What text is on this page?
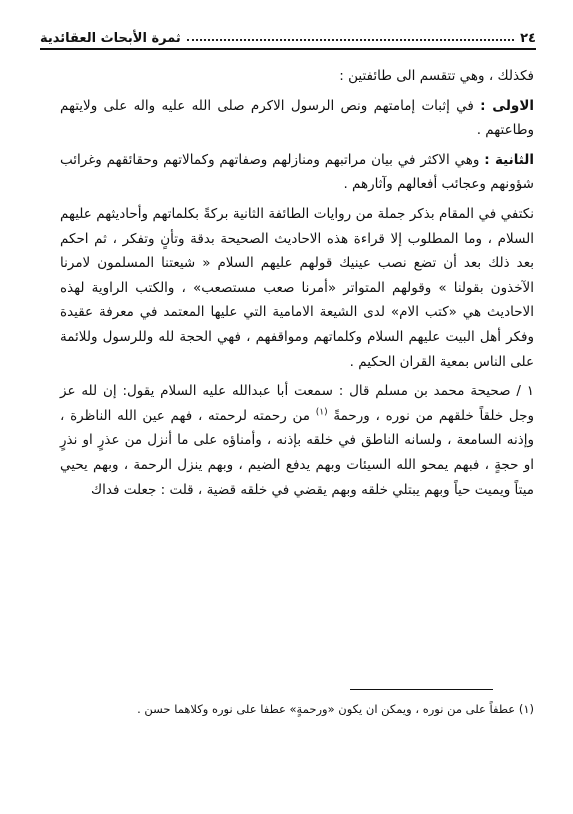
٢٤
ثمرة الأبحاث العقائدية

فكذلك ، وهي تتقسم الى طائفتين :

الاولى : في إثبات إمامتهم ونص الرسول الاكرم صلى الله عليه واله على ولايتهم وطاعتهم .

الثانية : وهي الاكثر في بيان مراتبهم ومنازلهم وصفاتهم وكمالاتهم وحقائقهم وغرائب شؤونهم وعجائب أفعالهم وآثارهم .

نكتفي في المقام بذكر جملة من روايات الطائفة الثانية بركةً بكلماتهم وأحاديثهم عليهم السلام ، وما المطلوب إلا قراءة هذه الاحاديث الصحيحة بدقة وتأنٍ وتفكر ، ثم احكم بعد ذلك بعد أن تضع نصب عينيك قولهم عليهم السلام « شيعتنا المسلمون لامرنا الآخذون بقولنا » وقولهم المتواتر «أمرنا صعب مستصعب» ، والكتب الراوية لهذه الاحاديث هي «كتب الام» لدى الشيعة الامامية التي عليها المعتمد في معرفة عقيدة وفكر أهل البيت عليهم السلام وكلماتهم ومواقفهم ، فهي الحجة لله وللرسول وللائمة على الناس بمعية القران الحكيم .

١ / صحيحة محمد بن مسلم قال : سمعت أبا عبدالله عليه السلام يقول: إن لله عز وجل خلقاً خلقهم من نوره ، ورحمةً $^{(١)}$ من رحمته لرحمته ، فهم عين الله الناظرة ، وإذنه السامعة ، ولسانه الناطق في خلقه بإذنه ، وأمناؤه على ما أنزل من عذرٍ او نذرٍ او حجةٍ ، فبهم يمحو الله السيئات وبهم يدفع الضيم ، وبهم ينزل الرحمة ، وبهم يحيي ميتاً ويميت حياً وبهم يبتلي خلقه وبهم يقضي في خلقه قضية ، قلت : جعلت فداك

(١) عطفاً على من نوره ، ويمكن ان يكون «ورحمةٍ» عطفا على نوره وكلاهما حسن .
